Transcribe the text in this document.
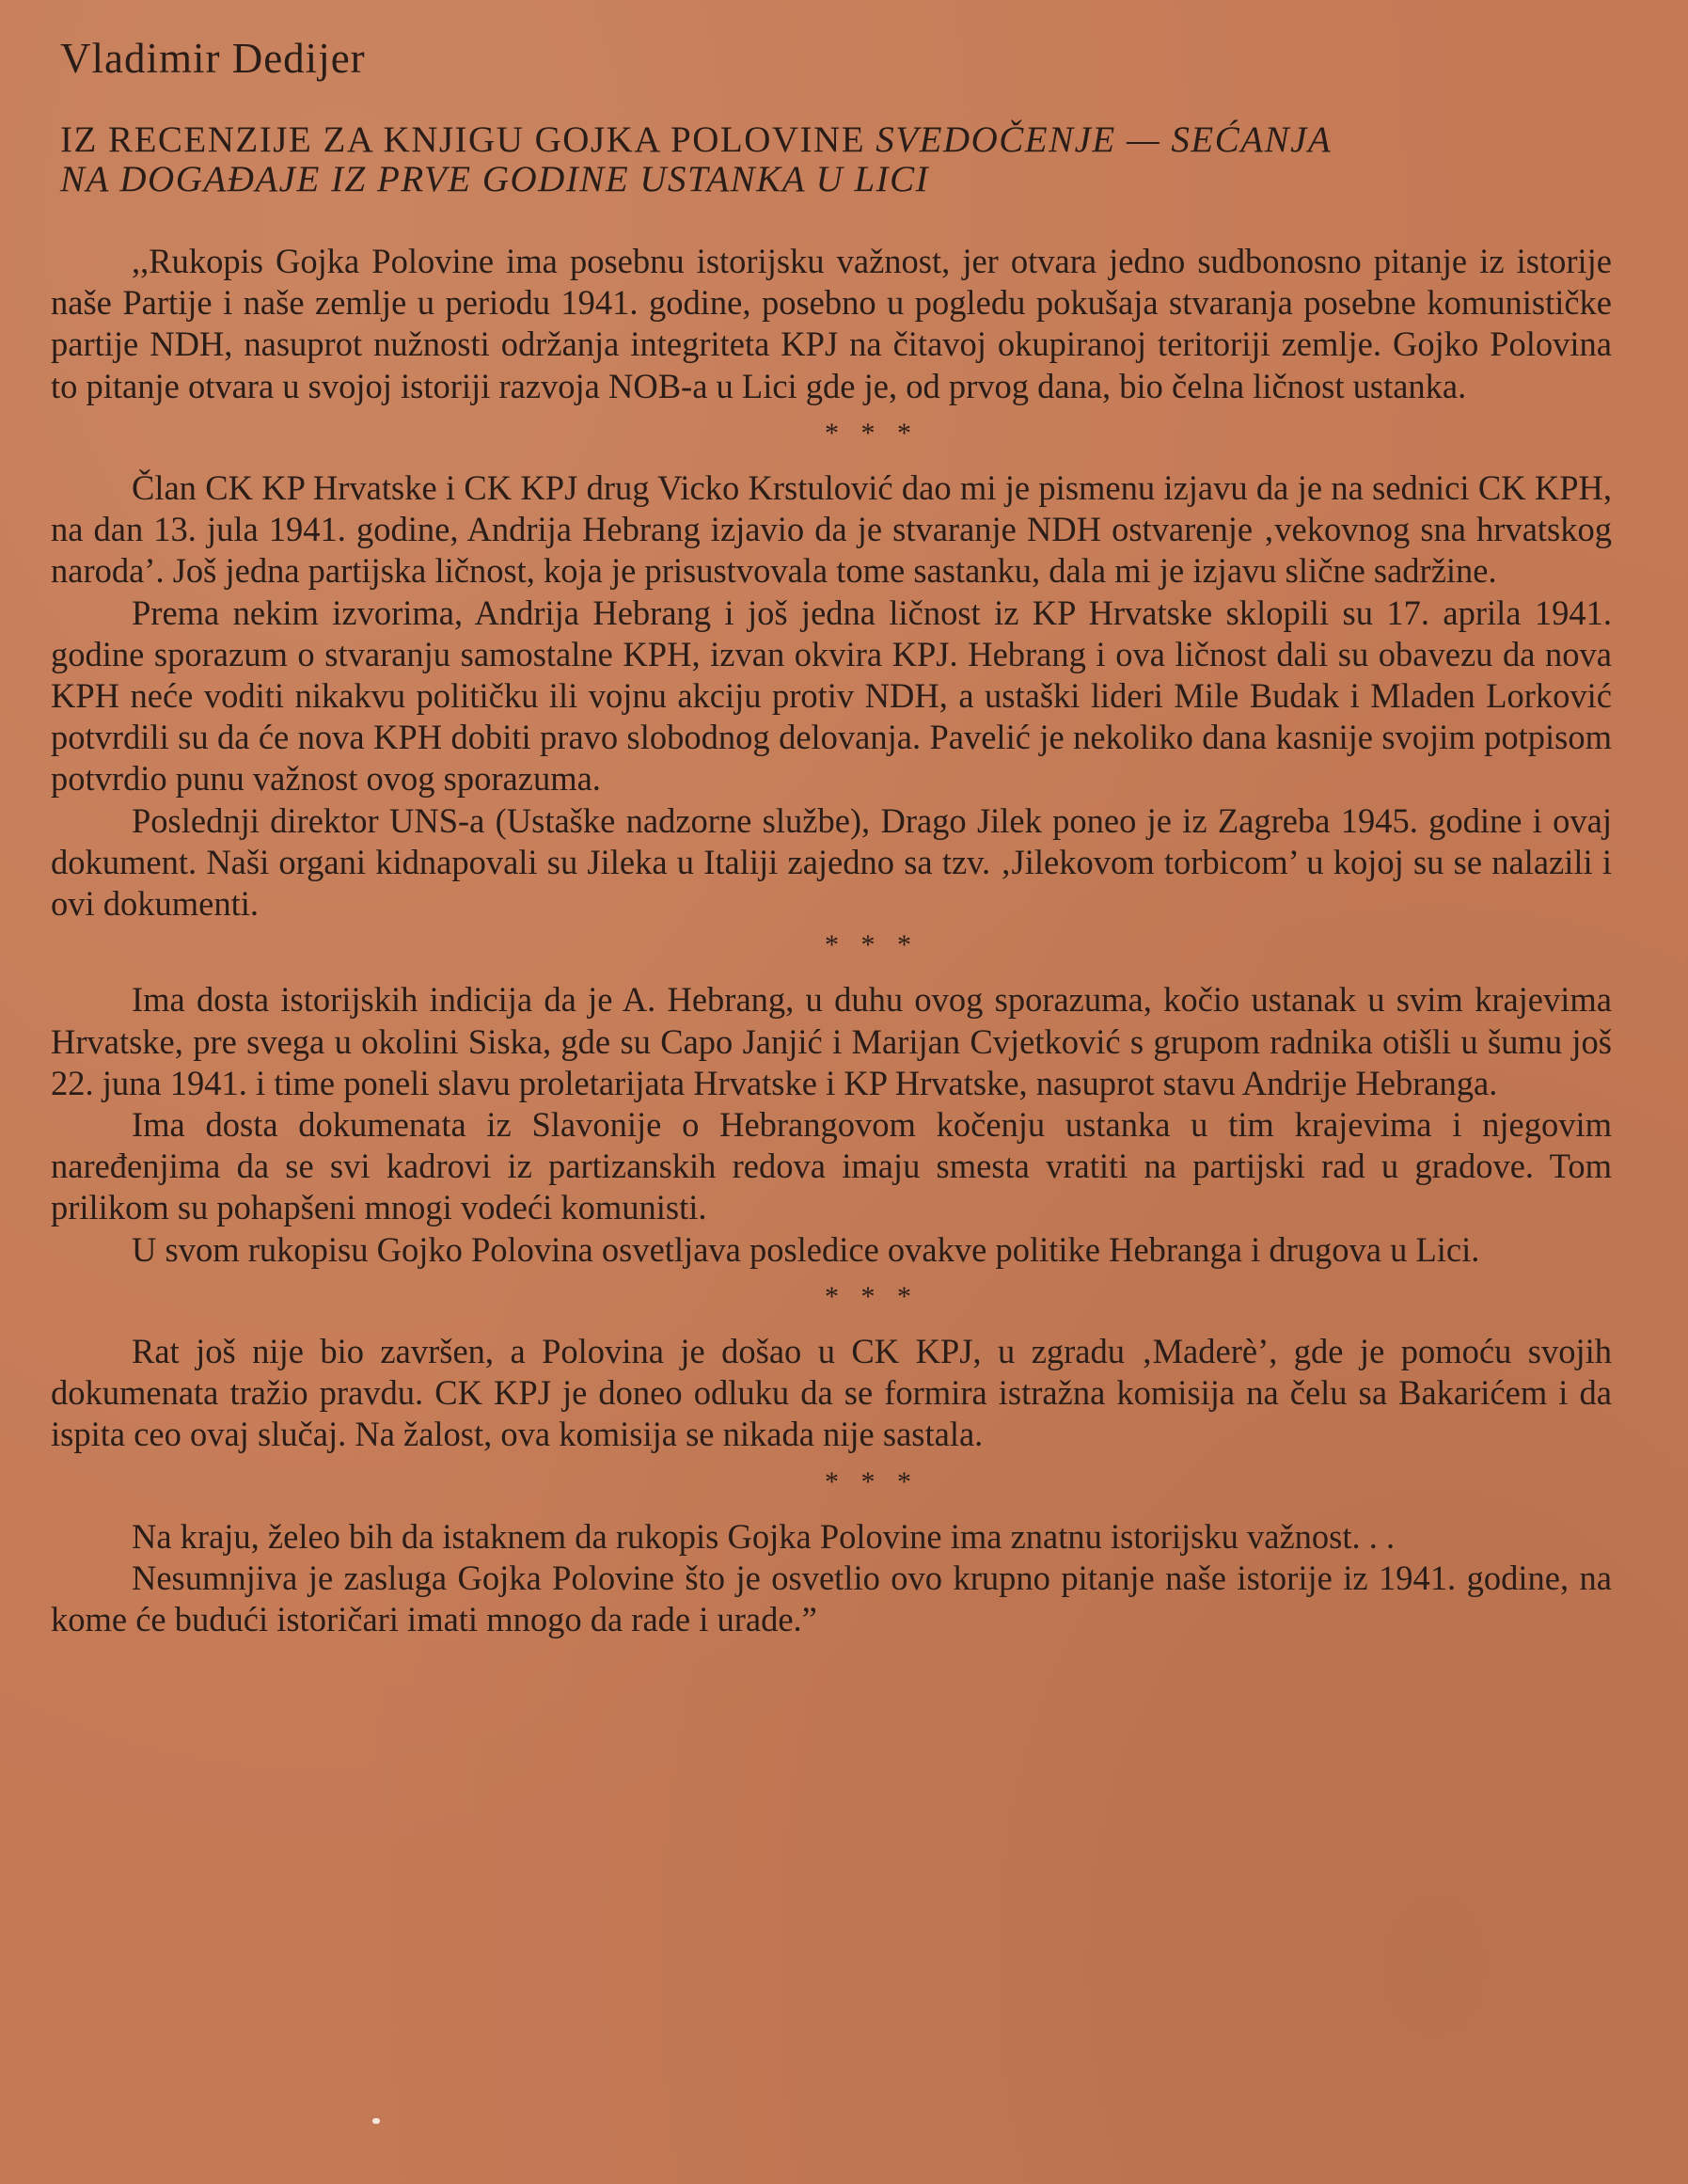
Vladimir Dedijer
IZ RECENZIJE ZA KNJIGU GOJKA POLOVINE SVEDOČENJE — SEĆANJA
NA DOGAĐAJE IZ PRVE GODINE USTANKA U LICI

,,Rukopis Gojka Polovine ima posebnu istorijsku važnost, jer otvara jedno sudbonosno pitanje iz istorije naše Partije i naše zemlje u periodu 1941. godine, posebno u pogledu pokušaja stvaranja posebne komunističke partije NDH, nasuprot nužnosti održanja integriteta KPJ na čitavoj okupiranoj teritoriji zemlje. Gojko Polovina to pitanje otvara u svojoj istoriji razvoja NOB-a u Lici gde je, od prvog dana, bio čelna ličnost ustanka.

* * *

Član CK KP Hrvatske i CK KPJ drug Vicko Krstulović dao mi je pismenu izjavu da je na sednici CK KPH, na dan 13. jula 1941. godine, Andrija Hebrang izjavio da je stvaranje NDH ostvarenje ‚vekovnog sna hrvatskog naroda’. Još jedna partijska ličnost, koja je prisustvovala tome sastanku, dala mi je izjavu slične sadržine.

Prema nekim izvorima, Andrija Hebrang i još jedna ličnost iz KP Hrvatske sklopili su 17. aprila 1941. godine sporazum o stvaranju samostalne KPH, izvan okvira KPJ. Hebrang i ova ličnost dali su obavezu da nova KPH neće voditi nikakvu političku ili vojnu akciju protiv NDH, a ustaški lideri Mile Budak i Mladen Lorković potvrdili su da će nova KPH dobiti pravo slobodnog delovanja. Pavelić je nekoliko dana kasnije svojim potpisom potvrdio punu važnost ovog sporazuma.

Poslednji direktor UNS-a (Ustaške nadzorne službe), Drago Jilek poneo je iz Zagreba 1945. godine i ovaj dokument. Naši organi kidnapovali su Jileka u Italiji zajedno sa tzv. ‚Jilekovom torbicom’ u kojoj su se nalazili i ovi dokumenti.

* * *

Ima dosta istorijskih indicija da je A. Hebrang, u duhu ovog sporazuma, kočio ustanak u svim krajevima Hrvatske, pre svega u okolini Siska, gde su Capo Janjić i Marijan Cvjetković s grupom radnika otišli u šumu još 22. juna 1941. i time poneli slavu proletarijata Hrvatske i KP Hrvatske, nasuprot stavu Andrije Hebranga.

Ima dosta dokumenata iz Slavonije o Hebrangovom kočenju ustanka u tim krajevima i njegovim naređenjima da se svi kadrovi iz partizanskih redova imaju smesta vratiti na partijski rad u gradove. Tom prilikom su pohapšeni mnogi vodeći komunisti.

U svom rukopisu Gojko Polovina osvetljava posledice ovakve politike Hebranga i drugova u Lici.

* * *

Rat još nije bio završen, a Polovina je došao u CK KPJ, u zgradu ‚Maderè’, gde je pomoću svojih dokumenata tražio pravdu. CK KPJ je doneo odluku da se formira istražna komisija na čelu sa Bakarićem i da ispita ceo ovaj slučaj. Na žalost, ova komisija se nikada nije sastala.

* * *

Na kraju, želeo bih da istaknem da rukopis Gojka Polovine ima znatnu istorijsku važnost. . .

Nesumnjiva je zasluga Gojka Polovine što je osvetlio ovo krupno pitanje naše istorije iz 1941. godine, na kome će budući istoričari imati mnogo da rade i urade.”
